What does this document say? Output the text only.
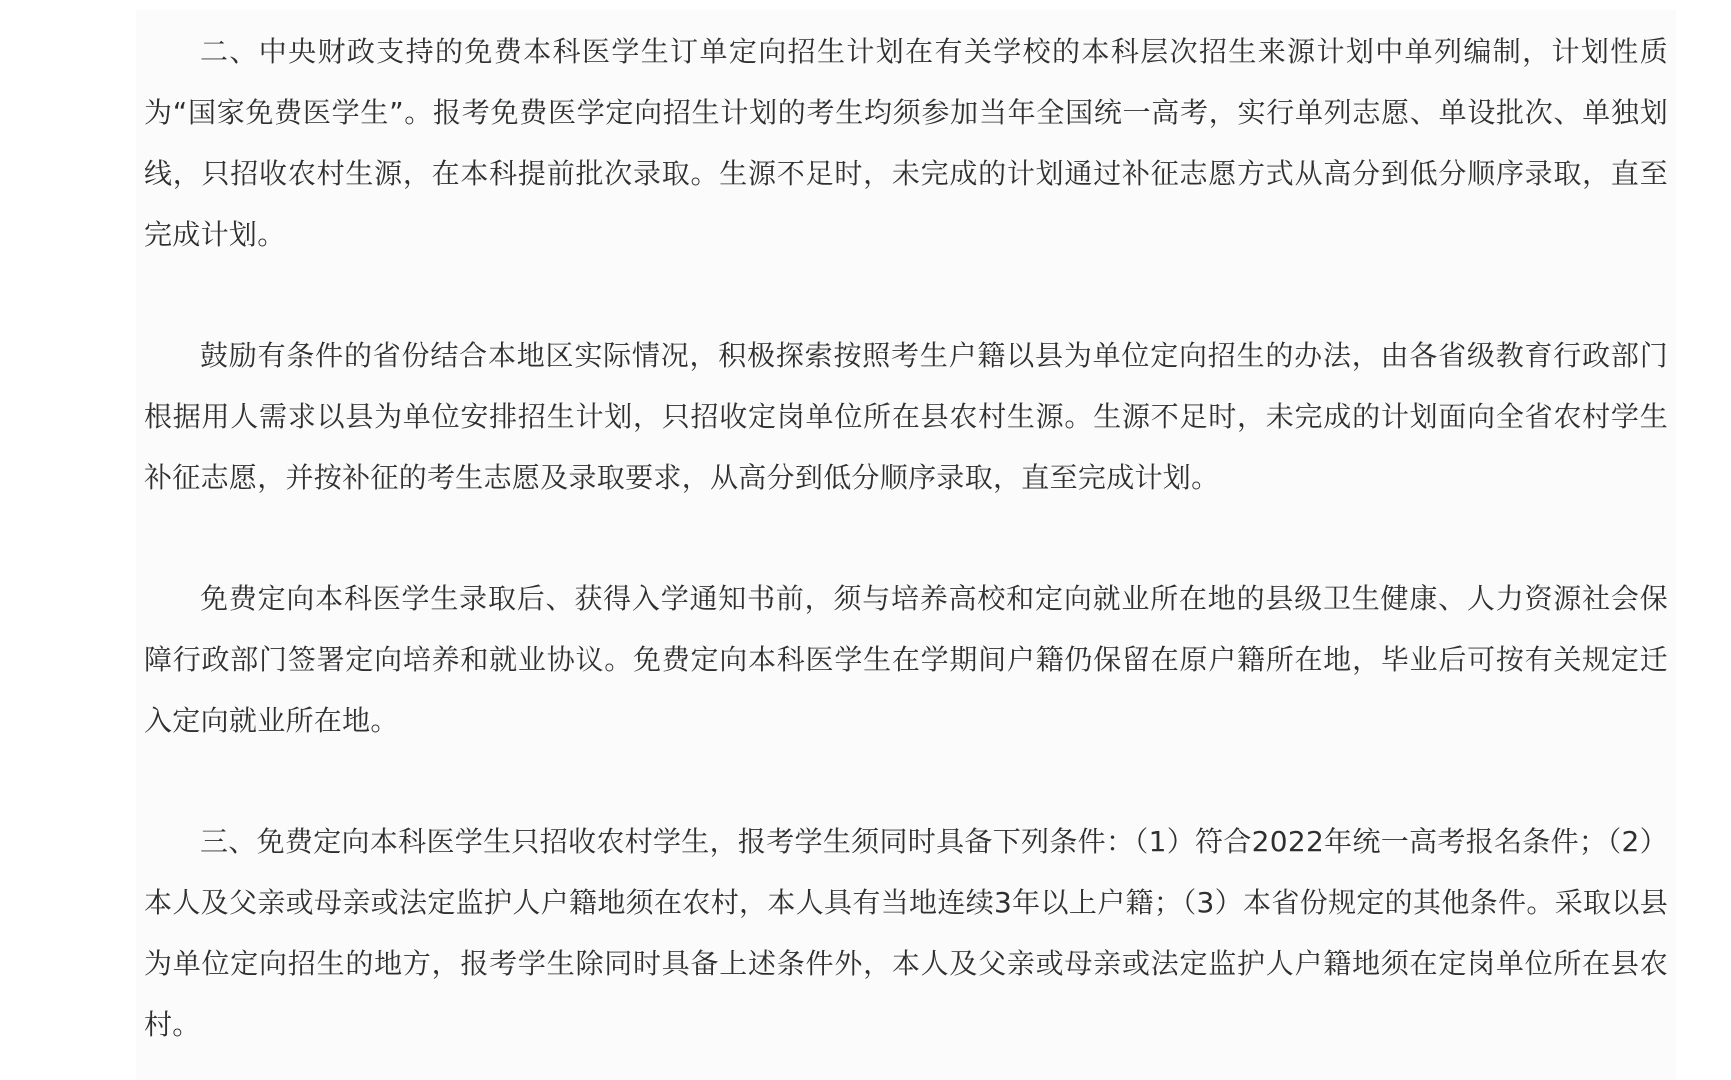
二、中央财政支持的免费本科医学生订单定向招生计划在有关学校的本科层次招生来源计划中单列编制，计划性质为“国家免费医学生”。报考免费医学定向招生计划的考生均须参加当年全国统一高考，实行单列志愿、单设批次、单独划线，只招收农村生源，在本科提前批次录取。生源不足时，未完成的计划通过补征志愿方式从高分到低分顺序录取，直至完成计划。

鼓励有条件的省份结合本地区实际情况，积极探索按照考生户籍以县为单位定向招生的办法，由各省级教育行政部门根据用人需求以县为单位安排招生计划，只招收定岗单位所在县农村生源。生源不足时，未完成的计划面向全省农村学生补征志愿，并按补征的考生志愿及录取要求，从高分到低分顺序录取，直至完成计划。

免费定向本科医学生录取后、获得入学通知书前，须与培养高校和定向就业所在地的县级卫生健康、人力资源社会保障行政部门签署定向培养和就业协议。免费定向本科医学生在学期间户籍仍保留在原户籍所在地，毕业后可按有关规定迁入定向就业所在地。

三、免费定向本科医学生只招收农村学生，报考学生须同时具备下列条件：（1）符合2022年统一高考报名条件；（2）本人及父亲或母亲或法定监护人户籍地须在农村，本人具有当地连续3年以上户籍；（3）本省份规定的其他条件。采取以县为单位定向招生的地方，报考学生除同时具备上述条件外，本人及父亲或母亲或法定监护人户籍地须在定岗单位所在县农村。
